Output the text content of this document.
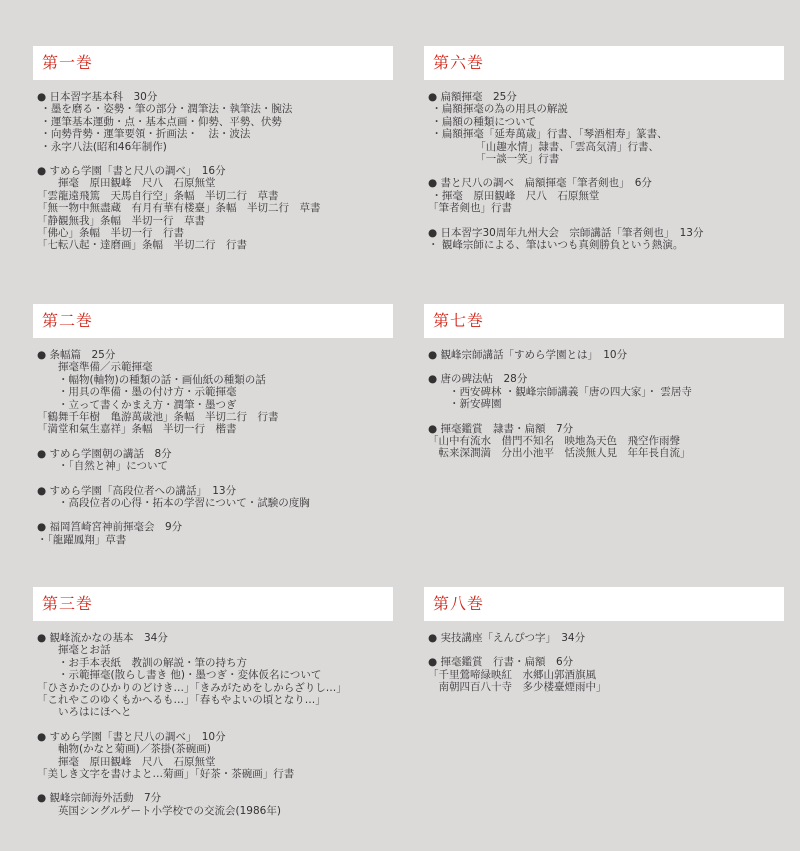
第一巻
● 日本習字基本科　30分
・墨を磨る・姿勢・筆の部分・潤筆法・執筆法・腕法
・運筆基本運動・点・基本点画・仰勢、平勢、伏勢
・向勢背勢・運筆要領・折画法・　法・波法
・永字八法(昭和46年制作)
● すめら学園「書と尺八の調べ」　16分
　　揮毫　原田観峰　尺八　石原無堂
「雲龍遠飛篤　天馬自行空」条幅　半切二行　草書
「無一物中無盡蔵　有月有華有楼臺」条幅　半切二行　草書
「静観無我」条幅　半切一行　草書
「佛心」条幅　半切一行　行書
「七転八起・達磨画」条幅　半切二行　行書
第二巻
● 条幅篇　25分
　　揮毫準備／示範揮毫
　　・幅物(軸物)の種類の話・画仙紙の種類の話
　　・用具の準備・墨の付け方・示範揮毫
　　・立って書くかまえ方・潤筆・墨つぎ
「鶴舞千年樹　亀游萬歳池」条幅　半切二行　行書
「満堂和氣生嘉祥」条幅　半切一行　楷書
● すめら学園朝の講話　8分
　　・「自然と神」について
● すめら学園「高段位者への講話」　13分
　　・高段位者の心得・拓本の学習について・試験の度胸
● 福岡筥崎宮神前揮毫会　9分
・「龍躍鳳翔」草書
第三巻
● 観峰流かなの基本　34分
　　揮毫とお話
　　・お手本表紙　教訓の解説・筆の持ち方
　　・示範揮毫(散らし書き 他)・墨つぎ・変体仮名について
「ひさかたのひかりのどけき…」「きみがためをしからざりし…」
「これやこのゆくもかへるも…」「春もやよいの頃となり…」
　　いろはにほへと
● すめら学園「書と尺八の調べ」　10分
　　軸物(かなと菊画)／茶掛(茶碗画)
　　揮毫　原田観峰　尺八　石原無堂
「美しき文字を書けよと…菊画」「好茶・茶碗画」行書
● 観峰宗師海外活動　7分
　　英国シングルゲート小学校での交流会(1986年)
第六巻
● 扁額揮毫　25分
・扁額揮毫の為の用具の解説
・扁額の種類について
・扁額揮毫「延寿萬歳」行書、「琴酒相寿」篆書、
　　　　　「山趣水情」隷書、「雲高気清」行書、
　　　　　「一談一笑」行書
● 書と尺八の調べ　扁額揮毫「筆者剣也」　6分
・揮毫　原田観峰　尺八　石原無堂
「筆者剣也」行書
● 日本習字30周年九州大会　宗師講話「筆者剣也」　13分
・ 観峰宗師による、筆はいつも真剣勝負という熱演。
第七巻
● 観峰宗師講話「すめら学園とは」　10分
● 唐の碑法帖　28分
　　・西安碑林 ・観峰宗師講義「唐の四大家」・ 雲居寺
　　・新安碑園
● 揮毫鑑賞　隷書・扁額　7分
「山中有流水　借門不知名　映地為天色　飛空作雨聲
　転来深澗満　分出小池平　恬淡無人見　年年長自流」
第八巻
● 実技講座「えんぴつ字」　34分
● 揮毫鑑賞　行書・扁額　6分
「千里鶯啼緑映紅　水郷山郭酒旗風
　南朝四百八十寺　多少楼臺煙雨中」
